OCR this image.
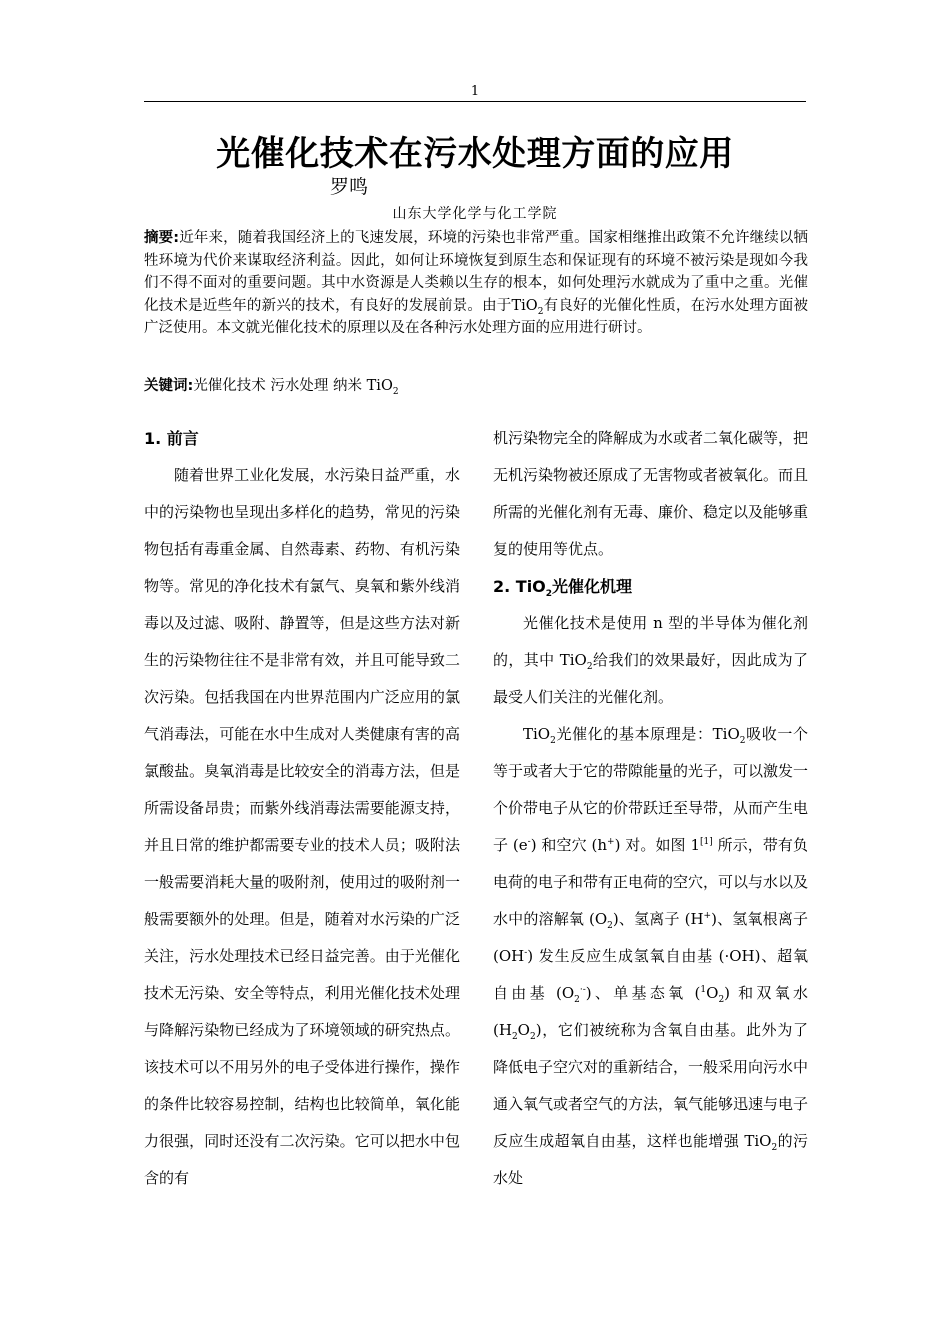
1
光催化技术在污水处理方面的应用
罗鸣
山东大学化学与化工学院
摘要:近年来，随着我国经济上的飞速发展，环境的污染也非常严重。国家相继推出政策不允许继续以牺牲环境为代价来谋取经济利益。因此，如何让环境恢复到原生态和保证现有的环境不被污染是现如今我们不得不面对的重要问题。其中水资源是人类赖以生存的根本，如何处理污水就成为了重中之重。光催化技术是近些年的新兴的技术，有良好的发展前景。由于TiO$_2$有良好的光催化性质，在污水处理方面被广泛使用。本文就光催化技术的原理以及在各种污水处理方面的应用进行研讨。
关键词:光催化技术 污水处理 纳米 TiO$_2$
1. 前言

随着世界工业化发展，水污染日益严重，水中的污染物也呈现出多样化的趋势，常见的污染物包括有毒重金属、自然毒素、药物、有机污染物等。常见的净化技术有氯气、臭氧和紫外线消毒以及过滤、吸附、静置等，但是这些方法对新生的污染物往往不是非常有效，并且可能导致二次污染。包括我国在内世界范围内广泛应用的氯气消毒法，可能在水中生成对人类健康有害的高氯酸盐。臭氧消毒是比较安全的消毒方法，但是所需设备昂贵；而紫外线消毒法需要能源支持，并且日常的维护都需要专业的技术人员；吸附法一般需要消耗大量的吸附剂，使用过的吸附剂一般需要额外的处理。但是，随着对水污染的广泛关注，污水处理技术已经日益完善。由于光催化技术无污染、安全等特点，利用光催化技术处理与降解污染物已经成为了环境领域的研究热点。该技术可以不用另外的电子受体进行操作，操作的条件比较容易控制，结构也比较简单，氧化能力很强，同时还没有二次污染。它可以把水中包含的有

机污染物完全的降解成为水或者二氧化碳等，把无机污染物被还原成了无害物或者被氧化。而且所需的光催化剂有无毒、廉价、稳定以及能够重复的使用等优点。

2. TiO$_2$光催化机理

光催化技术是使用 n 型的半导体为催化剂的，其中 TiO$_2$给我们的效果最好，因此成为了最受人们关注的光催化剂。

TiO$_2$光催化的基本原理是：TiO$_2$吸收一个等于或者大于它的带隙能量的光子，可以激发一个价带电子从它的价带跃迁至导带，从而产生电子 (e-) 和空穴 (h+) 对。如图 1[1] 所示，带有负电荷的电子和带有正电荷的空穴，可以与水以及水中的溶解氧 $(O_2)$、氢离子 (H+)、氢氧根离子 (OH-) 发生反应生成氢氧自由基 (·OH)、超氧自由基 $(O_2^{\cdot-})$、单基态氧 $(^1O_2)$ 和双氧水 $(H_2O_2)$，它们被统称为含氧自由基。此外为了降低电子空穴对的重新结合，一般采用向污水中通入氧气或者空气的方法，氧气能够迅速与电子反应生成超氧自由基，这样也能增强 TiO$_2$的污水处
